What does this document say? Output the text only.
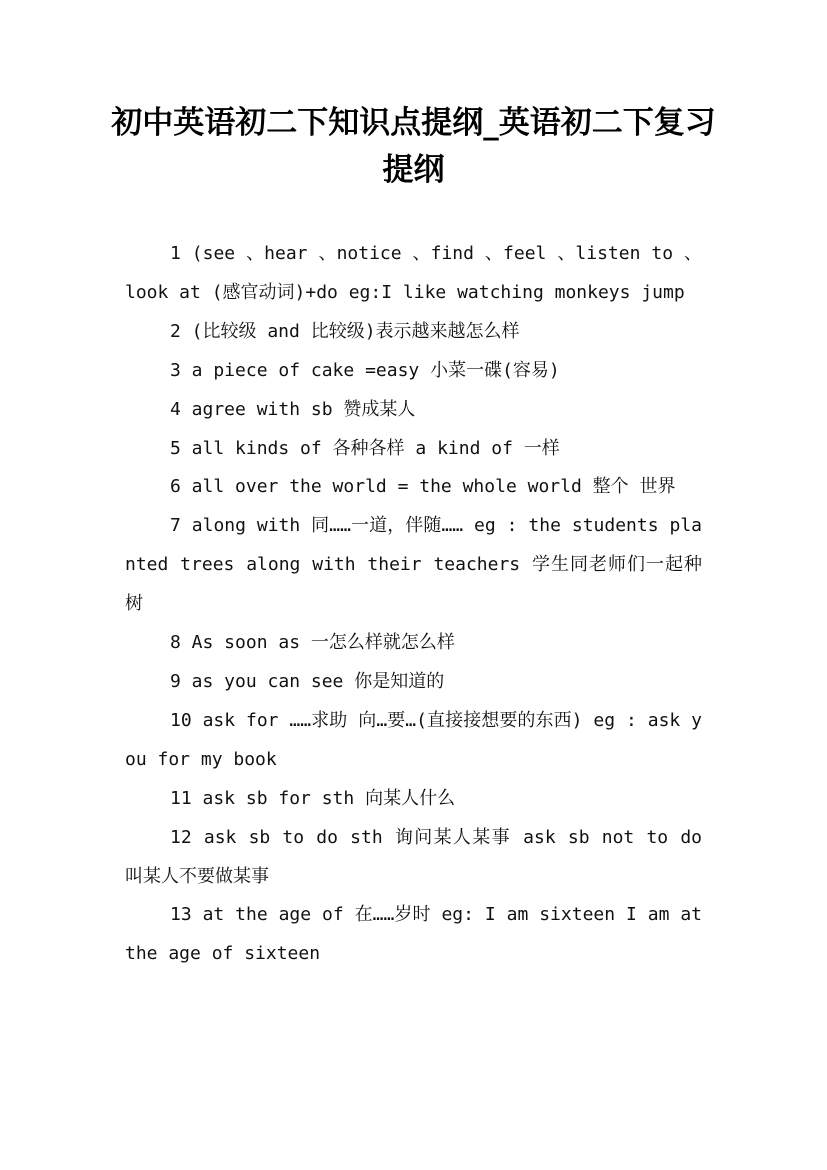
初中英语初二下知识点提纲_英语初二下复习提纲

1 (see 、hear 、notice 、find 、feel 、listen to 、 look at (感官动词)+do eg:I like watching monkeys jump

2 (比较级 and 比较级)表示越来越怎么样

3 a piece of cake =easy 小菜一碟(容易)

4 agree with sb 赞成某人

5 all kinds of 各种各样 a kind of 一样

6 all over the world = the whole world 整个 世界

7 along with 同……一道，伴随…… eg : the students planted trees along with their teachers 学生同老师们一起种树

8 As soon as 一怎么样就怎么样

9 as you can see 你是知道的

10 ask for ……求助 向…要…(直接接想要的东西) eg : ask you for my book

11 ask sb for sth 向某人什么

12 ask sb to do sth 询问某人某事 ask sb not to do 叫某人不要做某事

13 at the age of 在……岁时 eg: I am sixteen I am at the age of sixteen
